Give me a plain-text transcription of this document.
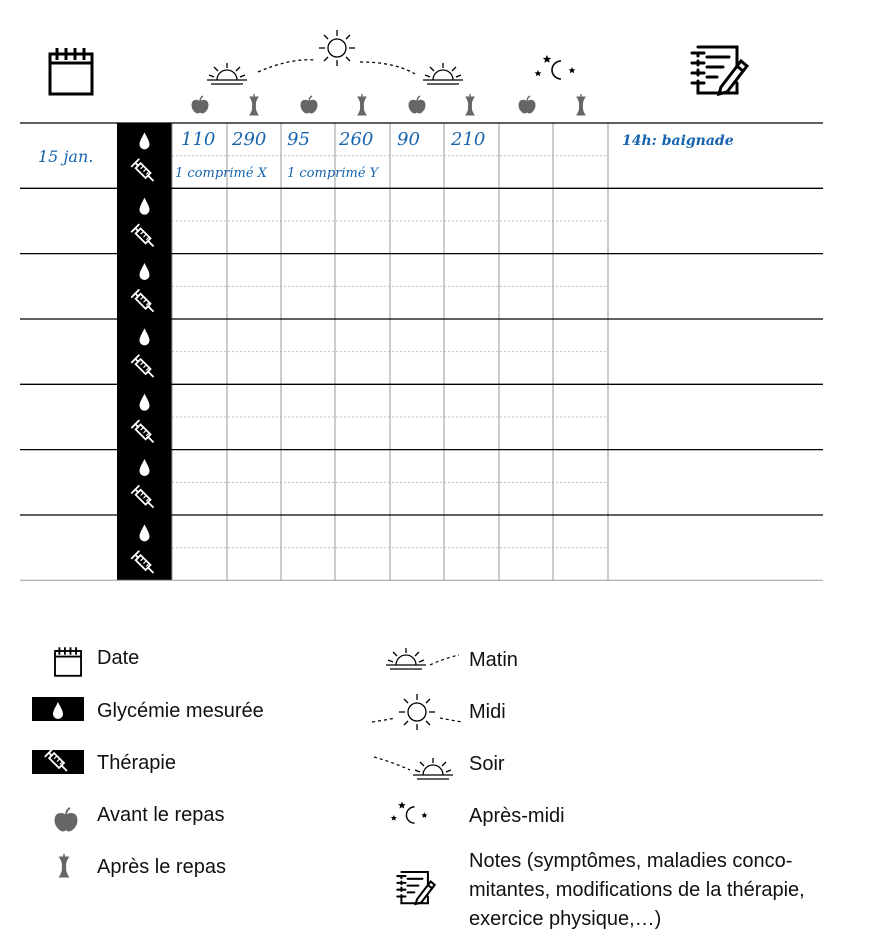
15 jan.
110 290 95 260 90 210
1 comprimé X 1 comprimé Y
14h: baignade
Date
Glycémie mesurée
Thérapie
Avant le repas
Après le repas
Matin
Midi
Soir
Après-midi
Notes (symptômes, maladies conco-
mitantes, modifications de la thérapie,
exercice physique,…)
